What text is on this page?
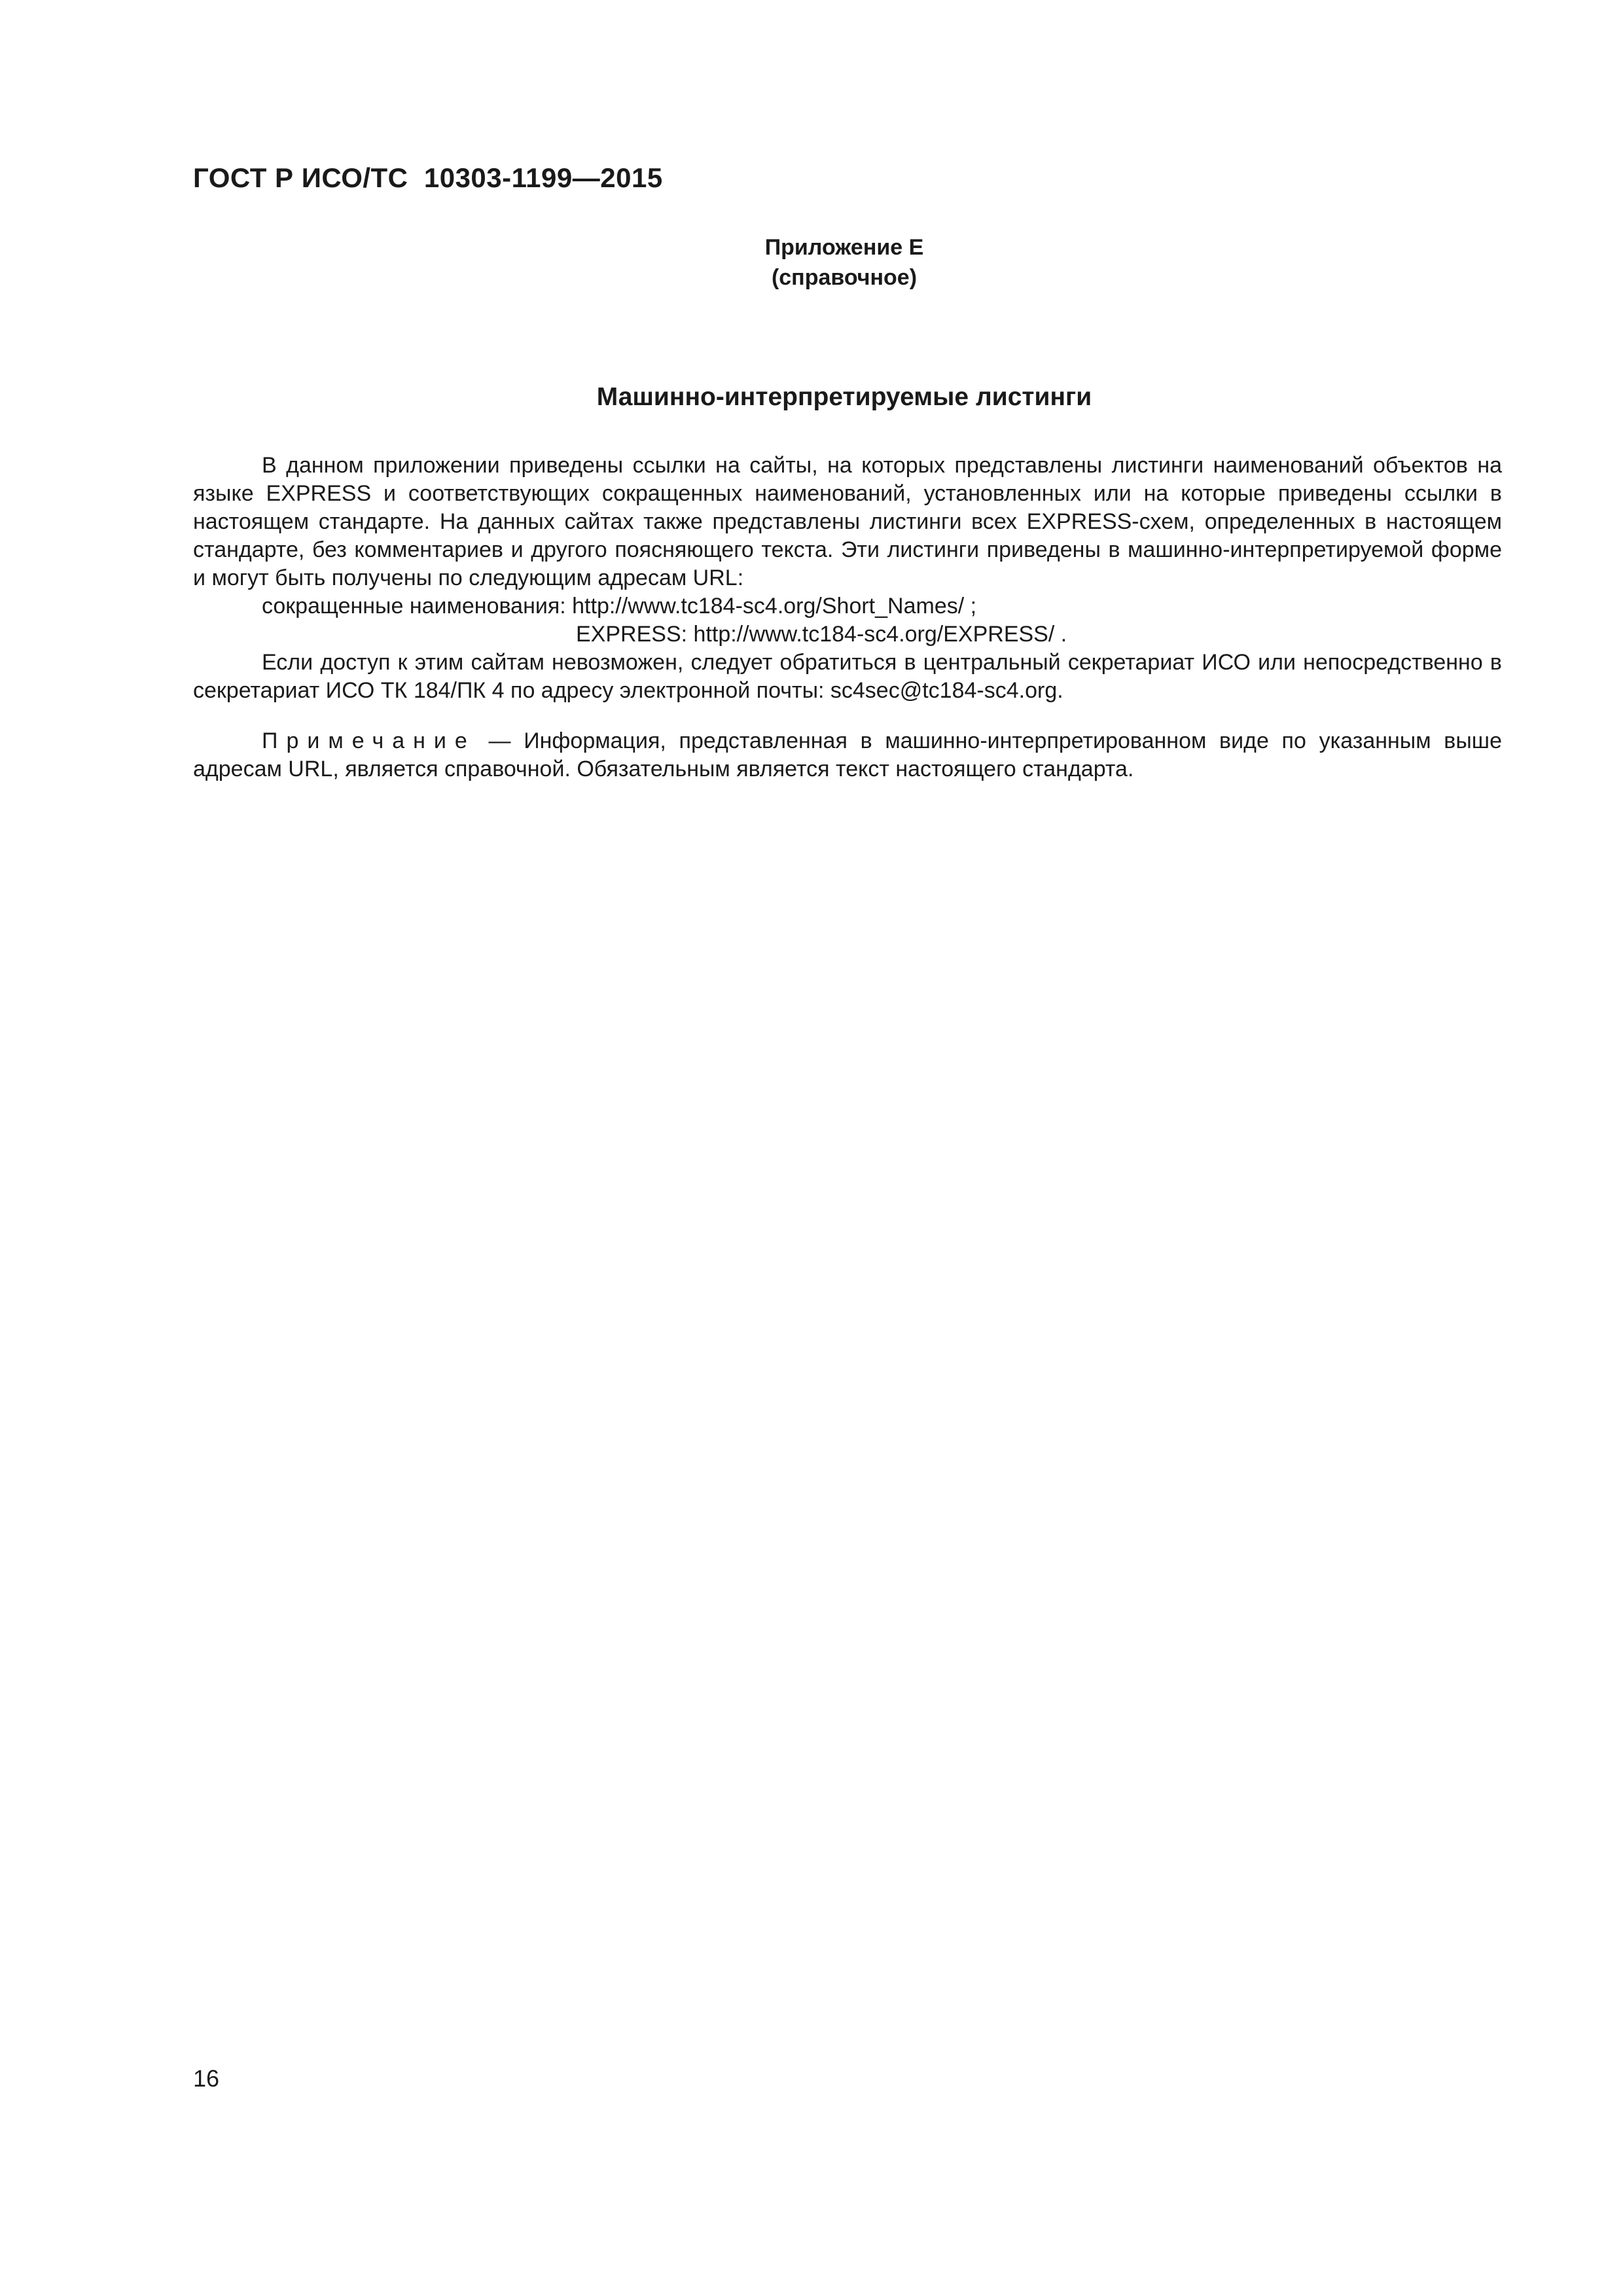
ГОСТ Р ИСО/ТС  10303-1199—2015
Приложение Е
(справочное)
Машинно-интерпретируемые листинги

В данном приложении приведены ссылки на сайты, на которых представлены листинги наименований объектов на языке EXPRESS и соответствующих сокращенных наименований, установленных или на которые приведены ссылки в настоящем стандарте. На данных сайтах также представлены листинги всех EXPRESS-схем, определенных в настоящем стандарте, без комментариев и другого поясняющего текста. Эти листинги приведены в машинно-интерпретируемой форме и могут быть получены по следующим адресам URL:

сокращенные наименования: http://www.tc184-sc4.org/Short_Names/ ;
EXPRESS: http://www.tc184-sc4.org/EXPRESS/ .

Если доступ к этим сайтам невозможен, следует обратиться в центральный секретариат ИСО или непосредственно в секретариат ИСО ТК 184/ПК 4 по адресу электронной почты: sc4sec@tc184-sc4.org.

Примечание — Информация, представленная в машинно-интерпретированном виде по указанным выше адресам URL, является справочной. Обязательным является текст настоящего стандарта.

16
